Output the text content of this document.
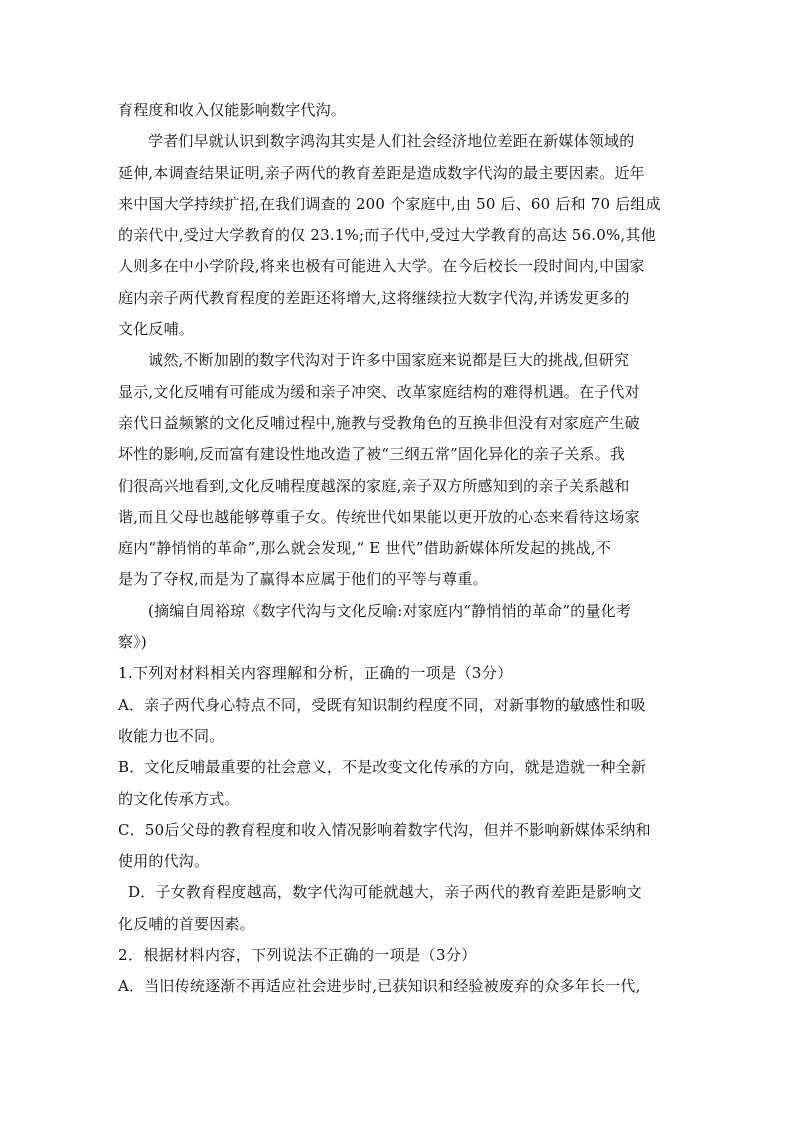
育程度和收入仅能影响数字代沟。
学者们早就认识到数字鸿沟其实是人们社会经济地位差距在新媒体领域的
延伸,本调查结果证明,亲子两代的教育差距是造成数字代沟的最主要因素。近年
来中国大学持续扩招,在我们调查的 200 个家庭中,由 50 后、60 后和 70 后组成
的亲代中,受过大学教育的仅 23.1%;而子代中,受过大学教育的高达 56.0%,其他
人则多在中小学阶段,将来也极有可能进入大学。在今后校长一段时间内,中国家
庭内亲子两代教育程度的差距还将增大,这将继续拉大数字代沟,并诱发更多的
文化反哺。
诚然,不断加剧的数字代沟对于许多中国家庭来说都是巨大的挑战,但研究
显示,文化反哺有可能成为缓和亲子冲突、改革家庭结构的难得机遇。在子代对
亲代日益频繁的文化反哺过程中,施教与受教角色的互换非但没有对家庭产生破
坏性的影响,反而富有建设性地改造了被“三纲五常”固化异化的亲子关系。我
们很高兴地看到,文化反哺程度越深的家庭,亲子双方所感知到的亲子关系越和
谐,而且父母也越能够尊重子女。传统世代如果能以更开放的心态来看待这场家
庭内“静悄悄的革命”,那么就会发现,“ E 世代”借助新媒体所发起的挑战,不
是为了夺权,而是为了赢得本应属于他们的平等与尊重。
(摘编自周裕琼《数字代沟与文化反喻:对家庭内“静悄悄的革命”的量化考
察》)
1.下列对材料相关内容理解和分析，正确的一项是（3分）
A．亲子两代身心特点不同，受既有知识制约程度不同，对新事物的敏感性和吸
收能力也不同。
B．文化反哺最重要的社会意义，不是改变文化传承的方向，就是造就一种全新
的文化传承方式。
C．50后父母的教育程度和收入情况影响着数字代沟，但并不影响新媒体采纳和
使用的代沟。
D．子女教育程度越高，数字代沟可能就越大，亲子两代的教育差距是影响文
化反哺的首要因素。
2．根据材料内容，下列说法不正确的一项是（3分）
A．当旧传统逐渐不再适应社会进步时,已获知识和经验被废弃的众多年长一代,
